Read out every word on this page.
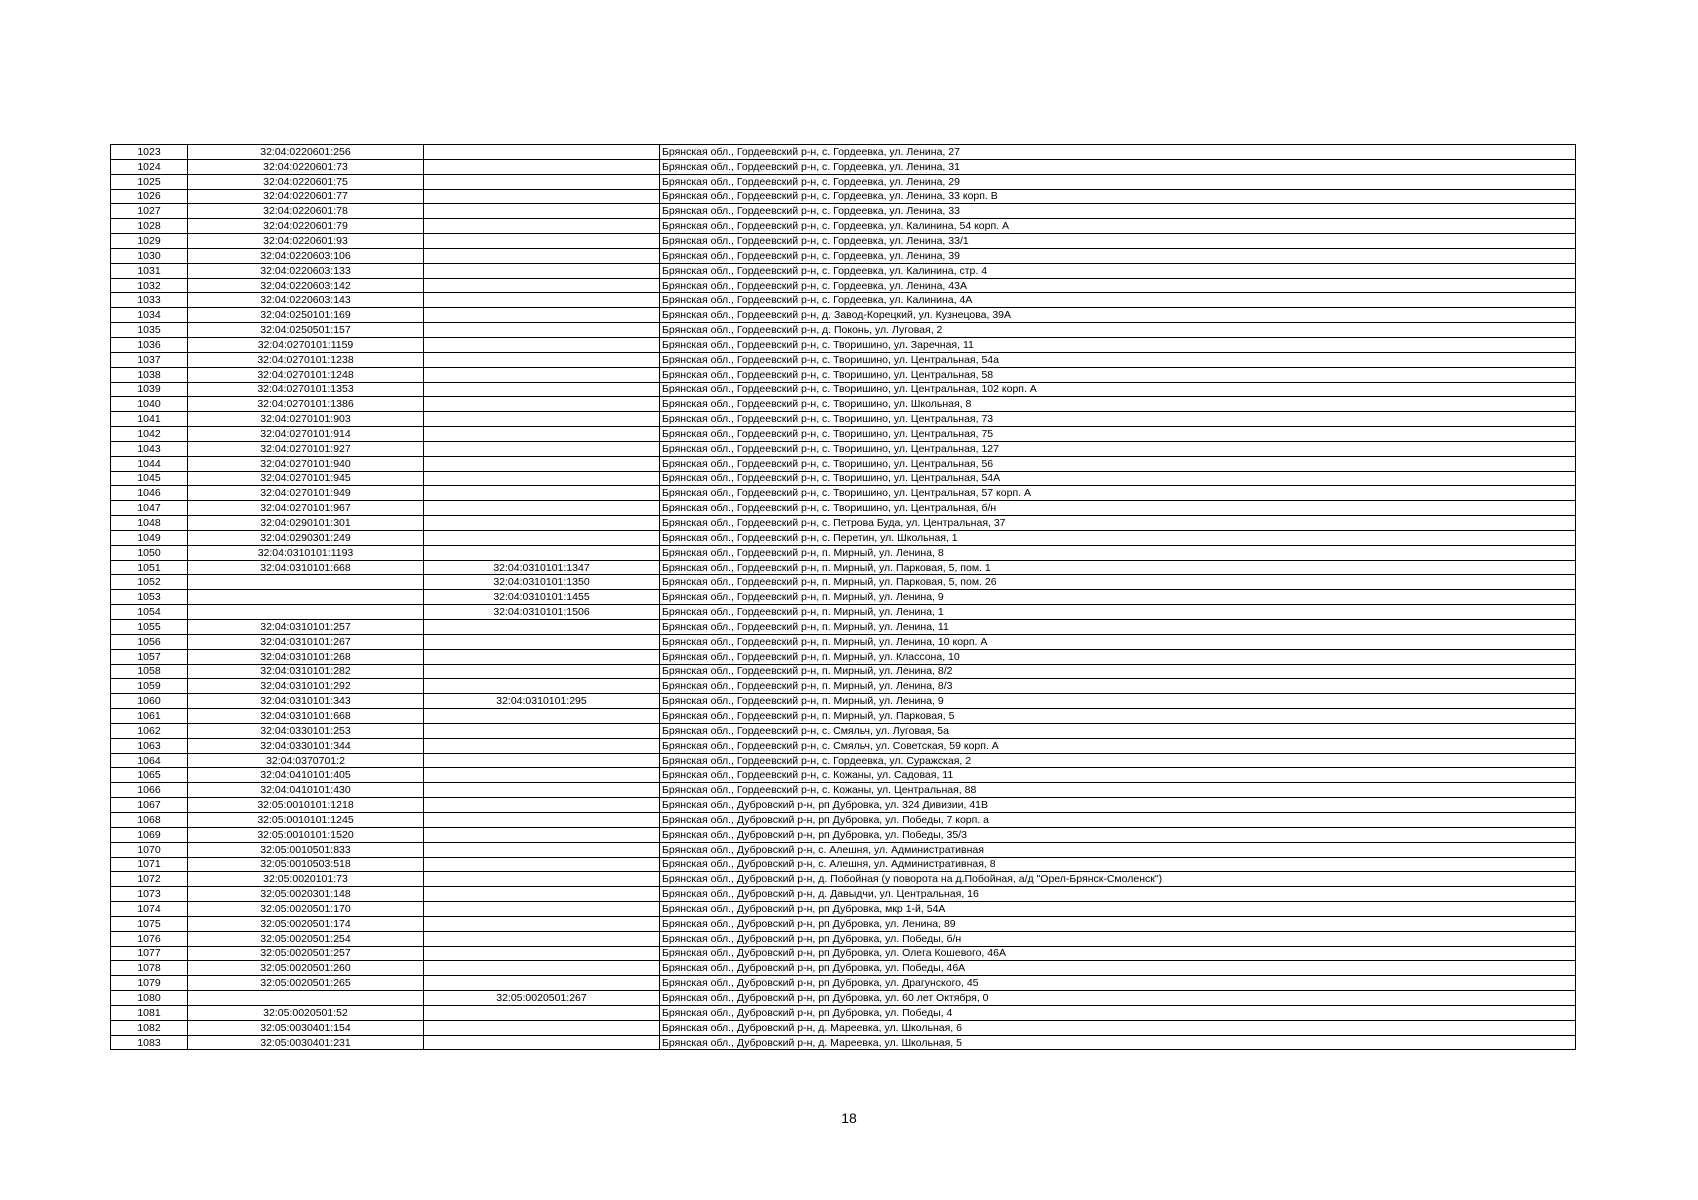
1023	32:04:0220601:256		Брянская обл., Гордеевский р-н, с. Гордеевка, ул. Ленина, 27
1024	32:04:0220601:73		Брянская обл., Гордеевский р-н, с. Гордеевка, ул. Ленина, 31
1025	32:04:0220601:75		Брянская обл., Гордеевский р-н, с. Гордеевка, ул. Ленина, 29
1026	32:04:0220601:77		Брянская обл., Гордеевский р-н, с. Гордеевка, ул. Ленина, 33 корп. В
1027	32:04:0220601:78		Брянская обл., Гордеевский р-н, с. Гордеевка, ул. Ленина, 33
1028	32:04:0220601:79		Брянская обл., Гордеевский р-н, с. Гордеевка, ул. Калинина, 54 корп. А
1029	32:04:0220601:93		Брянская обл., Гордеевский р-н, с. Гордеевка, ул. Ленина, 33/1
1030	32:04:0220603:106		Брянская обл., Гордеевский р-н, с. Гордеевка, ул. Ленина, 39
1031	32:04:0220603:133		Брянская обл., Гордеевский р-н, с. Гордеевка, ул. Калинина, стр. 4
1032	32:04:0220603:142		Брянская обл., Гордеевский р-н, с. Гордеевка, ул. Ленина, 43А
1033	32:04:0220603:143		Брянская обл., Гордеевский р-н, с. Гордеевка, ул. Калинина, 4А
1034	32:04:0250101:169		Брянская обл., Гордеевский р-н, д. Завод-Корецкий, ул. Кузнецова, 39А
1035	32:04:0250501:157		Брянская обл., Гордеевский р-н, д. Поконь, ул. Луговая, 2
1036	32:04:0270101:1159		Брянская обл., Гордеевский р-н, с. Творишино, ул. Заречная, 11
1037	32:04:0270101:1238		Брянская обл., Гордеевский р-н, с. Творишино, ул. Центральная, 54а
1038	32:04:0270101:1248		Брянская обл., Гордеевский р-н, с. Творишино, ул. Центральная, 58
1039	32:04:0270101:1353		Брянская обл., Гордеевский р-н, с. Творишино, ул. Центральная, 102 корп. А
1040	32:04:0270101:1386		Брянская обл., Гордеевский р-н, с. Творишино, ул. Школьная, 8
1041	32:04:0270101:903		Брянская обл., Гордеевский р-н, с. Творишино, ул. Центральная, 73
1042	32:04:0270101:914		Брянская обл., Гордеевский р-н, с. Творишино, ул. Центральная, 75
1043	32:04:0270101:927		Брянская обл., Гордеевский р-н, с. Творишино, ул. Центральная, 127
1044	32:04:0270101:940		Брянская обл., Гордеевский р-н, с. Творишино, ул. Центральная, 56
1045	32:04:0270101:945		Брянская обл., Гордеевский р-н, с. Творишино, ул. Центральная, 54А
1046	32:04:0270101:949		Брянская обл., Гордеевский р-н, с. Творишино, ул. Центральная, 57 корп. А
1047	32:04:0270101:967		Брянская обл., Гордеевский р-н, с. Творишино, ул. Центральная, б/н
1048	32:04:0290101:301		Брянская обл., Гордеевский р-н, с. Петрова Буда, ул. Центральная, 37
1049	32:04:0290301:249		Брянская обл., Гордеевский р-н, с. Перетин, ул. Школьная, 1
1050	32:04:0310101:1193		Брянская обл., Гордеевский р-н, п. Мирный, ул. Ленина, 8
1051	32:04:0310101:668	32:04:0310101:1347	Брянская обл., Гордеевский р-н, п. Мирный, ул. Парковая, 5, пом. 1
1052		32:04:0310101:1350	Брянская обл., Гордеевский р-н, п. Мирный, ул. Парковая, 5, пом. 26
1053		32:04:0310101:1455	Брянская обл., Гордеевский р-н, п. Мирный, ул. Ленина, 9
1054		32:04:0310101:1506	Брянская обл., Гордеевский р-н, п. Мирный, ул. Ленина, 1
1055	32:04:0310101:257		Брянская обл., Гордеевский р-н, п. Мирный, ул. Ленина, 11
1056	32:04:0310101:267		Брянская обл., Гордеевский р-н, п. Мирный, ул. Ленина, 10 корп. А
1057	32:04:0310101:268		Брянская обл., Гордеевский р-н, п. Мирный, ул. Классона, 10
1058	32:04:0310101:282		Брянская обл., Гордеевский р-н, п. Мирный, ул. Ленина, 8/2
1059	32:04:0310101:292		Брянская обл., Гордеевский р-н, п. Мирный, ул. Ленина, 8/3
1060	32:04:0310101:343	32:04:0310101:295	Брянская обл., Гордеевский р-н, п. Мирный, ул. Ленина, 9
1061	32:04:0310101:668		Брянская обл., Гордеевский р-н, п. Мирный, ул. Парковая, 5
1062	32:04:0330101:253		Брянская обл., Гордеевский р-н, с. Смяльч, ул. Луговая, 5а
1063	32:04:0330101:344		Брянская обл., Гордеевский р-н, с. Смяльч, ул. Советская, 59 корп. А
1064	32:04:0370701:2		Брянская обл., Гордеевский р-н, с. Гордеевка, ул. Суражская, 2
1065	32:04:0410101:405		Брянская обл., Гордеевский р-н, с. Кожаны, ул. Садовая, 11
1066	32:04:0410101:430		Брянская обл., Гордеевский р-н, с. Кожаны, ул. Центральная, 88
1067	32:05:0010101:1218		Брянская обл., Дубровский р-н, рп Дубровка, ул. 324 Дивизии, 41В
1068	32:05:0010101:1245		Брянская обл., Дубровский р-н, рп Дубровка, ул. Победы, 7 корп. а
1069	32:05:0010101:1520		Брянская обл., Дубровский р-н, рп Дубровка, ул. Победы, 35/3
1070	32:05:0010501:833		Брянская обл., Дубровский р-н, с. Алешня, ул. Административная
1071	32:05:0010503:518		Брянская обл., Дубровский р-н, с. Алешня, ул. Административная, 8
1072	32:05:0020101:73		Брянская обл., Дубровский р-н, д. Побойная (у поворота на д.Побойная, а/д "Орел-Брянск-Смоленск")
1073	32:05:0020301:148		Брянская обл., Дубровский р-н, д. Давыдчи, ул. Центральная, 16
1074	32:05:0020501:170		Брянская обл., Дубровский р-н, рп Дубровка, мкр 1-й, 54А
1075	32:05:0020501:174		Брянская обл., Дубровский р-н, рп Дубровка, ул. Ленина, 89
1076	32:05:0020501:254		Брянская обл., Дубровский р-н, рп Дубровка, ул. Победы, б/н
1077	32:05:0020501:257		Брянская обл., Дубровский р-н, рп Дубровка, ул. Олега Кошевого, 46А
1078	32:05:0020501:260		Брянская обл., Дубровский р-н, рп Дубровка, ул. Победы, 46А
1079	32:05:0020501:265		Брянская обл., Дубровский р-н, рп Дубровка, ул. Драгунского, 45
1080		32:05:0020501:267	Брянская обл., Дубровский р-н, рп Дубровка, ул. 60 лет Октября, 0
1081	32:05:0020501:52		Брянская обл., Дубровский р-н, рп Дубровка, ул. Победы, 4
1082	32:05:0030401:154		Брянская обл., Дубровский р-н, д. Мареевка, ул. Школьная, 6
1083	32:05:0030401:231		Брянская обл., Дубровский р-н, д. Мареевка, ул. Школьная, 5
18
